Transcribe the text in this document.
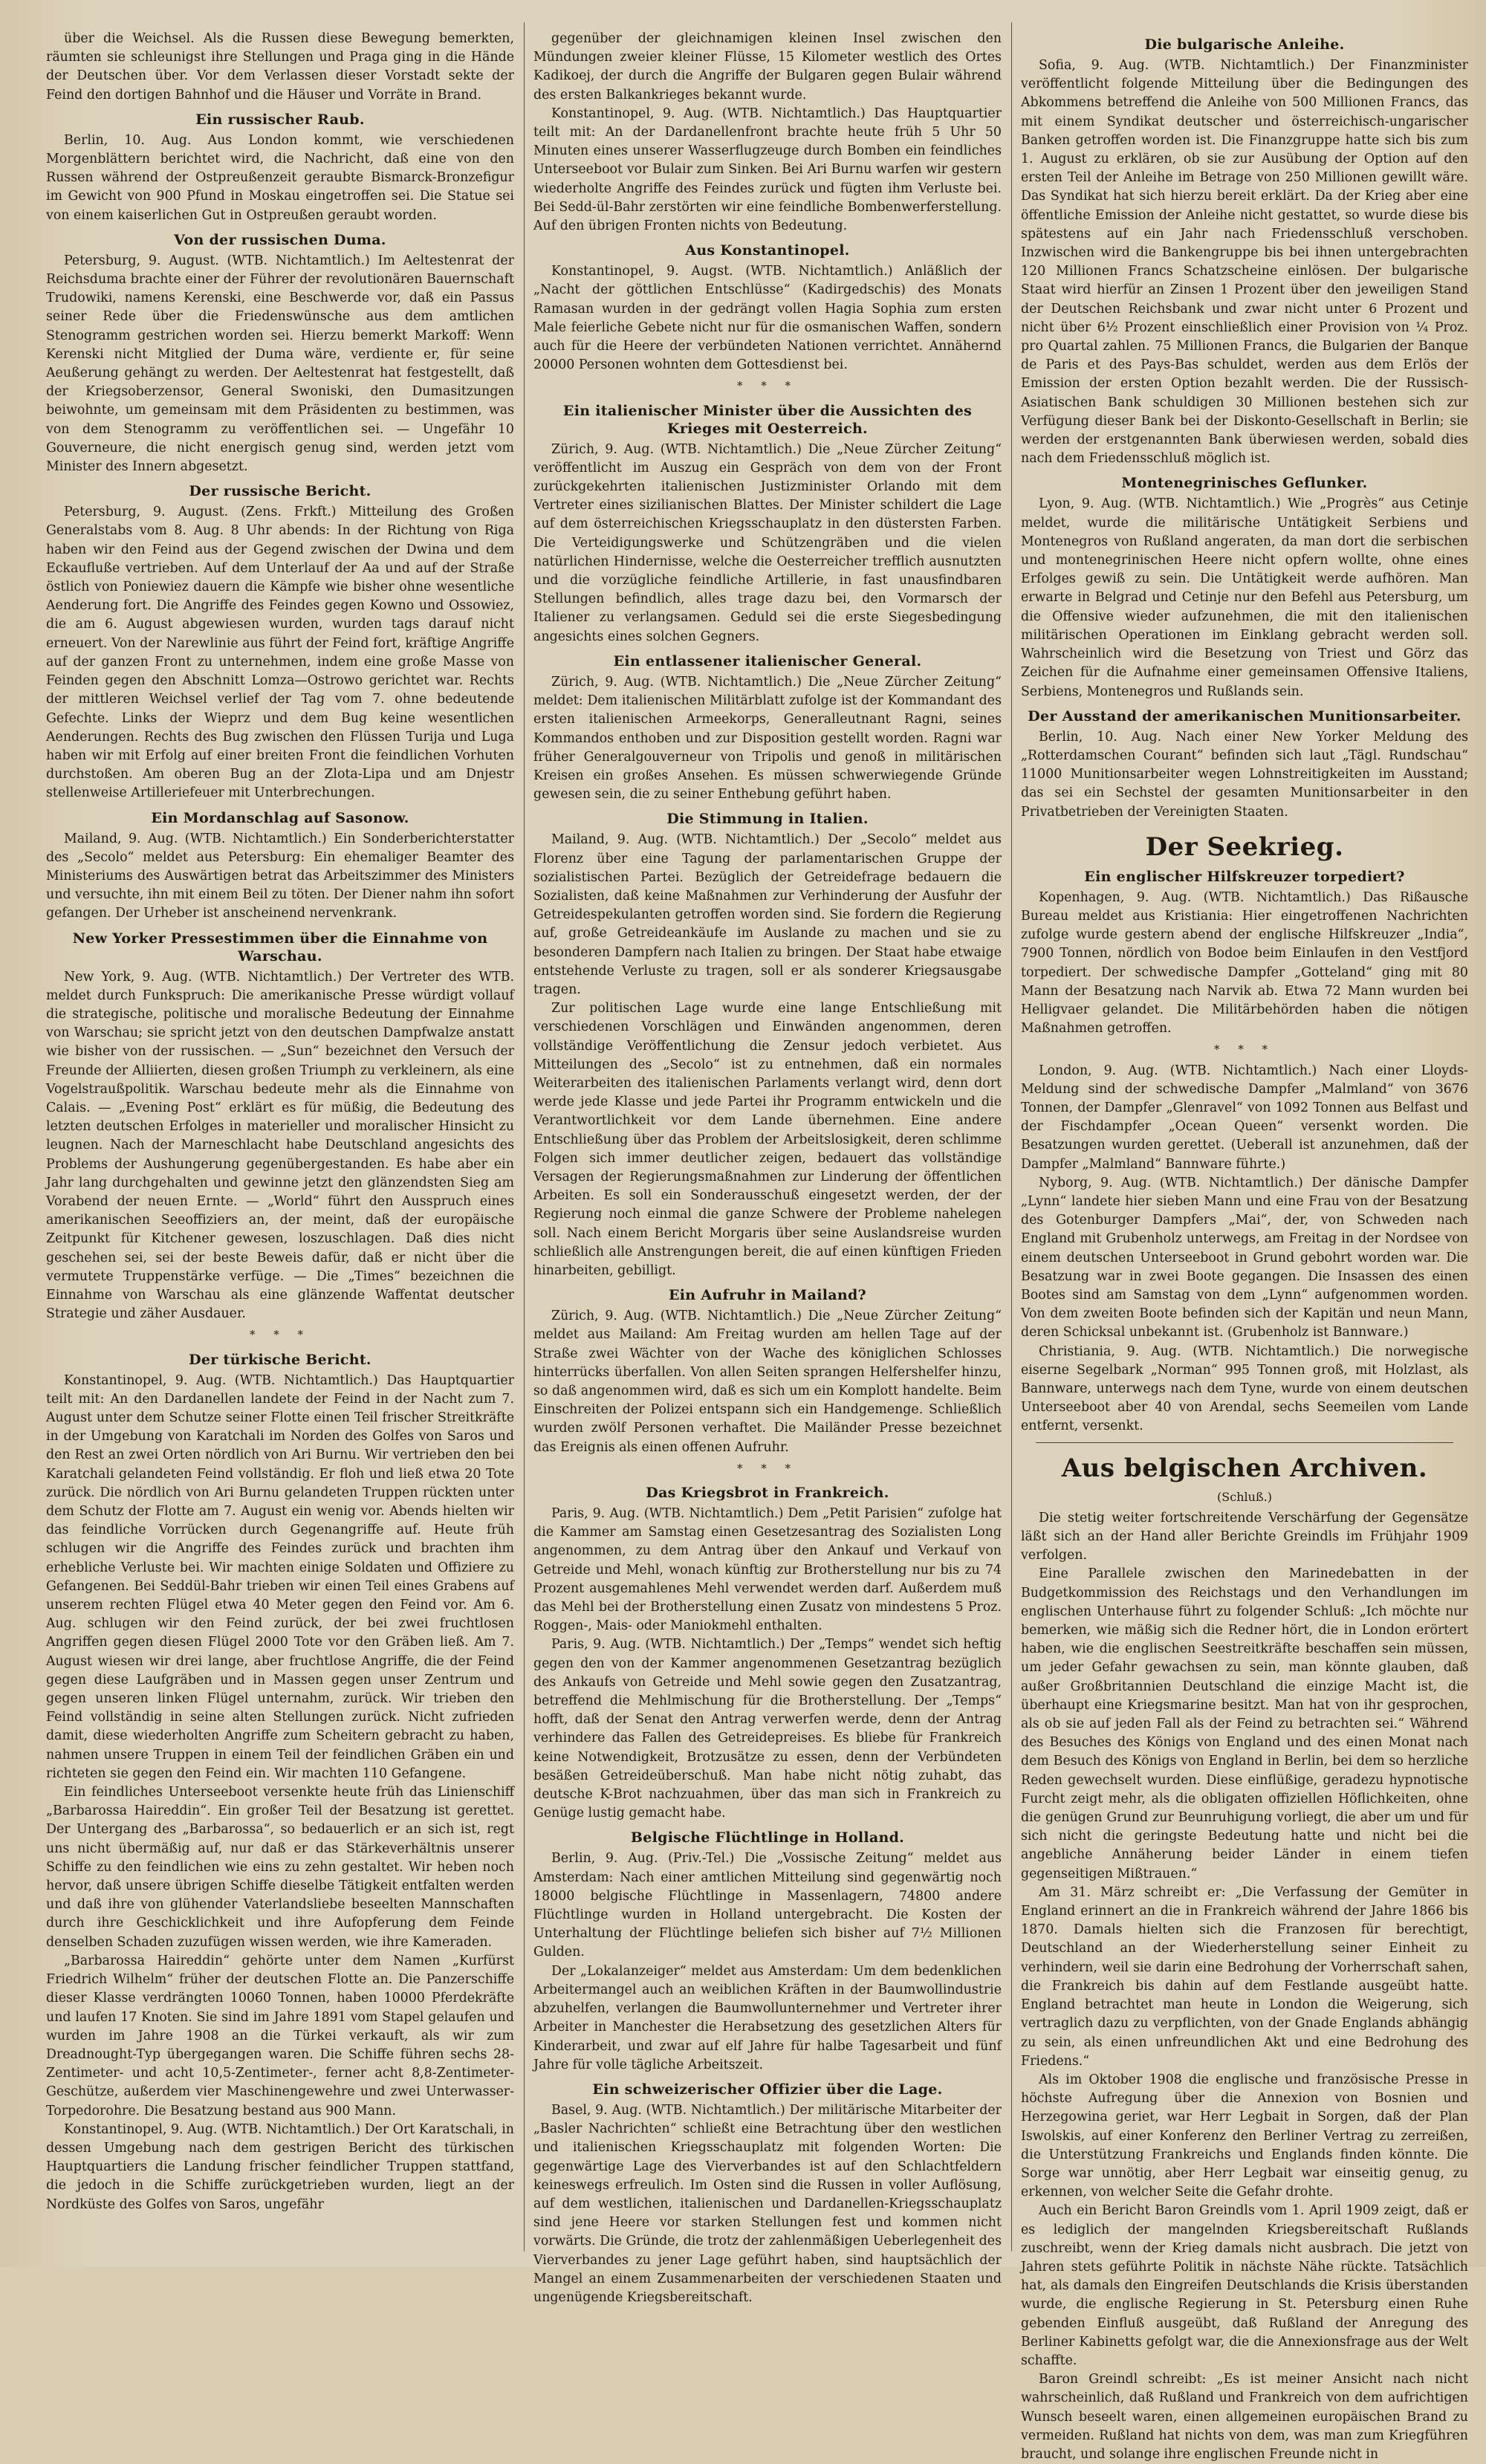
über die Weichsel. Als die Russen diese Bewegung bemerkten, räumten sie schleunigst ihre Stellungen und Praga ging in die Hände der Deutschen über. Vor dem Verlassen dieser Vorstadt sekte der Feind den dortigen Bahnhof und die Häuser und Vorräte in Brand.

Ein russischer Raub.

Berlin, 10. Aug. Aus London kommt, wie verschiedenen Morgenblättern berichtet wird, die Nachricht, daß eine von den Russen während der Ostpreußenzeit geraubte Bismarck-Bronzefigur im Gewicht von 900 Pfund in Moskau eingetroffen sei. Die Statue sei von einem kaiserlichen Gut in Ostpreußen geraubt worden.

Von der russischen Duma.

Petersburg, 9. August. (WTB. Nichtamtlich.) Im Aeltestenrat der Reichsduma brachte einer der Führer der revolutionären Bauernschaft Trudowiki, namens Kerenski, eine Beschwerde vor, daß ein Passus seiner Rede über die Friedenswünsche aus dem amtlichen Stenogramm gestrichen worden sei. Hierzu bemerkt Markoff: Wenn Kerenski nicht Mitglied der Duma wäre, verdiente er, für seine Aeußerung gehängt zu werden. Der Aeltestenrat hat festgestellt, daß der Kriegsoberzensor, General Swoniski, den Dumasitzungen beiwohnte, um gemeinsam mit dem Präsidenten zu bestimmen, was von dem Stenogramm zu veröffentlichen sei. — Ungefähr 10 Gouverneure, die nicht energisch genug sind, werden jetzt vom Minister des Innern abgesetzt.

Der russische Bericht.

Petersburg, 9. August. (Zens. Frkft.) Mitteilung des Großen Generalstabs vom 8. Aug. 8 Uhr abends: In der Richtung von Riga haben wir den Feind aus der Gegend zwischen der Dwina und dem Eckaufluße vertrieben. Auf dem Unterlauf der Aa und auf der Straße östlich von Poniewiez dauern die Kämpfe wie bisher ohne wesentliche Aenderung fort. Die Angriffe des Feindes gegen Kowno und Ossowiez, die am 6. August abgewiesen wurden, wurden tags darauf nicht erneuert. Von der Narewlinie aus führt der Feind fort, kräftige Angriffe auf der ganzen Front zu unternehmen, indem eine große Masse von Feinden gegen den Abschnitt Lomza—Ostrowo gerichtet war. Rechts der mittleren Weichsel verlief der Tag vom 7. ohne bedeutende Gefechte. Links der Wieprz und dem Bug keine wesentlichen Aenderungen. Rechts des Bug zwischen den Flüssen Turija und Luga haben wir mit Erfolg auf einer breiten Front die feindlichen Vorhuten durchstoßen. Am oberen Bug an der Zlota-Lipa und am Dnjestr stellenweise Artilleriefeuer mit Unterbrechungen.

Ein Mordanschlag auf Sasonow.

Mailand, 9. Aug. (WTB. Nichtamtlich.) Ein Sonderberichterstatter des „Secolo“ meldet aus Petersburg: Ein ehemaliger Beamter des Ministeriums des Auswärtigen betrat das Arbeitszimmer des Ministers und versuchte, ihn mit einem Beil zu töten. Der Diener nahm ihn sofort gefangen. Der Urheber ist anscheinend nervenkrank.

New Yorker Pressestimmen über die Einnahme von Warschau.

New York, 9. Aug. (WTB. Nichtamtlich.) Der Vertreter des WTB. meldet durch Funkspruch: Die amerikanische Presse würdigt vollauf die strategische, politische und moralische Bedeutung der Einnahme von Warschau; sie spricht jetzt von den deutschen Dampfwalze anstatt wie bisher von der russischen. — „Sun“ bezeichnet den Versuch der Freunde der Alliierten, diesen großen Triumph zu verkleinern, als eine Vogelstraußpolitik. Warschau bedeute mehr als die Einnahme von Calais. — „Evening Post“ erklärt es für müßig, die Bedeutung des letzten deutschen Erfolges in materieller und moralischer Hinsicht zu leugnen. Nach der Marneschlacht habe Deutschland angesichts des Problems der Aushungerung gegenübergestanden. Es habe aber ein Jahr lang durchgehalten und gewinne jetzt den glänzendsten Sieg am Vorabend der neuen Ernte. — „World“ führt den Ausspruch eines amerikanischen Seeoffiziers an, der meint, daß der europäische Zeitpunkt für Kitchener gewesen, loszuschlagen. Daß dies nicht geschehen sei, sei der beste Beweis dafür, daß er nicht über die vermutete Truppenstärke verfüge. — Die „Times“ bezeichnen die Einnahme von Warschau als eine glänzende Waffentat deutscher Strategie und zäher Ausdauer.

* * *
Der türkische Bericht.

Konstantinopel, 9. Aug. (WTB. Nichtamtlich.) Das Hauptquartier teilt mit: An den Dardanellen landete der Feind in der Nacht zum 7. August unter dem Schutze seiner Flotte einen Teil frischer Streitkräfte in der Umgebung von Karatchali im Norden des Golfes von Saros und den Rest an zwei Orten nördlich von Ari Burnu. Wir vertrieben den bei Karatchali gelandeten Feind vollständig. Er floh und ließ etwa 20 Tote zurück. Die nördlich von Ari Burnu gelandeten Truppen rückten unter dem Schutz der Flotte am 7. August ein wenig vor. Abends hielten wir das feindliche Vorrücken durch Gegenangriffe auf. Heute früh schlugen wir die Angriffe des Feindes zurück und brachten ihm erhebliche Verluste bei. Wir machten einige Soldaten und Offiziere zu Gefangenen. Bei Seddül-Bahr trieben wir einen Teil eines Grabens auf unserem rechten Flügel etwa 40 Meter gegen den Feind vor. Am 6. Aug. schlugen wir den Feind zurück, der bei zwei fruchtlosen Angriffen gegen diesen Flügel 2000 Tote vor den Gräben ließ. Am 7. August wiesen wir drei lange, aber fruchtlose Angriffe, die der Feind gegen diese Laufgräben und in Massen gegen unser Zentrum und gegen unseren linken Flügel unternahm, zurück. Wir trieben den Feind vollständig in seine alten Stellungen zurück. Nicht zufrieden damit, diese wiederholten Angriffe zum Scheitern gebracht zu haben, nahmen unsere Truppen in einem Teil der feindlichen Gräben ein und richteten sie gegen den Feind ein. Wir machten 110 Gefangene.

Ein feindliches Unterseeboot versenkte heute früh das Linienschiff „Barbarossa Haireddin“. Ein großer Teil der Besatzung ist gerettet. Der Untergang des „Barbarossa“, so bedauerlich er an sich ist, regt uns nicht übermäßig auf, nur daß er das Stärkeverhältnis unserer Schiffe zu den feindlichen wie eins zu zehn gestaltet. Wir heben noch hervor, daß unsere übrigen Schiffe dieselbe Tätigkeit entfalten werden und daß ihre von glühender Vaterlandsliebe beseelten Mannschaften durch ihre Geschicklichkeit und ihre Aufopferung dem Feinde denselben Schaden zuzufügen wissen werden, wie ihre Kameraden.

„Barbarossa Haireddin“ gehörte unter dem Namen „Kurfürst Friedrich Wilhelm“ früher der deutschen Flotte an. Die Panzerschiffe dieser Klasse verdrängten 10060 Tonnen, haben 10000 Pferdekräfte und laufen 17 Knoten. Sie sind im Jahre 1891 vom Stapel gelaufen und wurden im Jahre 1908 an die Türkei verkauft, als wir zum Dreadnought-Typ übergegangen waren. Die Schiffe führen sechs 28-Zentimeter- und acht 10,5-Zentimeter-, ferner acht 8,8-Zentimeter-Geschütze, außerdem vier Maschinengewehre und zwei Unterwasser-Torpedorohre. Die Besatzung bestand aus 900 Mann.

Konstantinopel, 9. Aug. (WTB. Nichtamtlich.) Der Ort Karatschali, in dessen Umgebung nach dem gestrigen Bericht des türkischen Hauptquartiers die Landung frischer feindlicher Truppen stattfand, die jedoch in die Schiffe zurückgetrieben wurden, liegt an der Nordküste des Golfes von Saros, ungefähr

gegenüber der gleichnamigen kleinen Insel zwischen den Mündungen zweier kleiner Flüsse, 15 Kilometer westlich des Ortes Kadikoej, der durch die Angriffe der Bulgaren gegen Bulair während des ersten Balkankrieges bekannt wurde.

Konstantinopel, 9. Aug. (WTB. Nichtamtlich.) Das Hauptquartier teilt mit: An der Dardanellenfront brachte heute früh 5 Uhr 50 Minuten eines unserer Wasserflugzeuge durch Bomben ein feindliches Unterseeboot vor Bulair zum Sinken. Bei Ari Burnu warfen wir gestern wiederholte Angriffe des Feindes zurück und fügten ihm Verluste bei. Bei Sedd-ül-Bahr zerstörten wir eine feindliche Bombenwerferstellung. Auf den übrigen Fronten nichts von Bedeutung.

Aus Konstantinopel.

Konstantinopel, 9. Augst. (WTB. Nichtamtlich.) Anläßlich der „Nacht der göttlichen Entschlüsse“ (Kadirgedschis) des Monats Ramasan wurden in der gedrängt vollen Hagia Sophia zum ersten Male feierliche Gebete nicht nur für die osmanischen Waffen, sondern auch für die Heere der verbündeten Nationen verrichtet. Annähernd 20000 Personen wohnten dem Gottesdienst bei.

* * *
Ein italienischer Minister über die Aussichten des Krieges mit Oesterreich.

Zürich, 9. Aug. (WTB. Nichtamtlich.) Die „Neue Zürcher Zeitung“ veröffentlicht im Auszug ein Gespräch von dem von der Front zurückgekehrten italienischen Justizminister Orlando mit dem Vertreter eines sizilianischen Blattes. Der Minister schildert die Lage auf dem österreichischen Kriegsschauplatz in den düstersten Farben. Die Verteidigungswerke und Schützengräben und die vielen natürlichen Hindernisse, welche die Oesterreicher trefflich ausnutzten und die vorzügliche feindliche Artillerie, in fast unausfindbaren Stellungen befindlich, alles trage dazu bei, den Vormarsch der Italiener zu verlangsamen. Geduld sei die erste Siegesbedingung angesichts eines solchen Gegners.

Ein entlassener italienischer General.

Zürich, 9. Aug. (WTB. Nichtamtlich.) Die „Neue Zürcher Zeitung“ meldet: Dem italienischen Militärblatt zufolge ist der Kommandant des ersten italienischen Armeekorps, Generalleutnant Ragni, seines Kommandos enthoben und zur Disposition gestellt worden. Ragni war früher Generalgouverneur von Tripolis und genoß in militärischen Kreisen ein großes Ansehen. Es müssen schwerwiegende Gründe gewesen sein, die zu seiner Enthebung geführt haben.

Die Stimmung in Italien.

Mailand, 9. Aug. (WTB. Nichtamtlich.) Der „Secolo“ meldet aus Florenz über eine Tagung der parlamentarischen Gruppe der sozialistischen Partei. Bezüglich der Getreidefrage bedauern die Sozialisten, daß keine Maßnahmen zur Verhinderung der Ausfuhr der Getreidespekulanten getroffen worden sind. Sie fordern die Regierung auf, große Getreideankäufe im Auslande zu machen und sie zu besonderen Dampfern nach Italien zu bringen. Der Staat habe etwaige entstehende Verluste zu tragen, soll er als sonderer Kriegsausgabe tragen.

Zur politischen Lage wurde eine lange Entschließung mit verschiedenen Vorschlägen und Einwänden angenommen, deren vollständige Veröffentlichung die Zensur jedoch verbietet. Aus Mitteilungen des „Secolo“ ist zu entnehmen, daß ein normales Weiterarbeiten des italienischen Parlaments verlangt wird, denn dort werde jede Klasse und jede Partei ihr Programm entwickeln und die Verantwortlichkeit vor dem Lande übernehmen. Eine andere Entschließung über das Problem der Arbeitslosigkeit, deren schlimme Folgen sich immer deutlicher zeigen, bedauert das vollständige Versagen der Regierungsmaßnahmen zur Linderung der öffentlichen Arbeiten. Es soll ein Sonderausschuß eingesetzt werden, der der Regierung noch einmal die ganze Schwere der Probleme nahelegen soll. Nach einem Bericht Morgaris über seine Auslandsreise wurden schließlich alle Anstrengungen bereit, die auf einen künftigen Frieden hinarbeiten, gebilligt.

Ein Aufruhr in Mailand?

Zürich, 9. Aug. (WTB. Nichtamtlich.) Die „Neue Zürcher Zeitung“ meldet aus Mailand: Am Freitag wurden am hellen Tage auf der Straße zwei Wächter von der Wache des königlichen Schlosses hinterrücks überfallen. Von allen Seiten sprangen Helfershelfer hinzu, so daß angenommen wird, daß es sich um ein Komplott handelte. Beim Einschreiten der Polizei entspann sich ein Handgemenge. Schließlich wurden zwölf Personen verhaftet. Die Mailänder Presse bezeichnet das Ereignis als einen offenen Aufruhr.

* * *
Das Kriegsbrot in Frankreich.

Paris, 9. Aug. (WTB. Nichtamtlich.) Dem „Petit Parisien“ zufolge hat die Kammer am Samstag einen Gesetzesantrag des Sozialisten Long angenommen, zu dem Antrag über den Ankauf und Verkauf von Getreide und Mehl, wonach künftig zur Brotherstellung nur bis zu 74 Prozent ausgemahlenes Mehl verwendet werden darf. Außerdem muß das Mehl bei der Brotherstellung einen Zusatz von mindestens 5 Proz. Roggen-, Mais- oder Maniokmehl enthalten.

Paris, 9. Aug. (WTB. Nichtamtlich.) Der „Temps“ wendet sich heftig gegen den von der Kammer angenommenen Gesetzantrag bezüglich des Ankaufs von Getreide und Mehl sowie gegen den Zusatzantrag, betreffend die Mehlmischung für die Brotherstellung. Der „Temps“ hofft, daß der Senat den Antrag verwerfen werde, denn der Antrag verhindere das Fallen des Getreidepreises. Es bliebe für Frankreich keine Notwendigkeit, Brotzusätze zu essen, denn der Verbündeten besäßen Getreideüberschuß. Man habe nicht nötig zuhabt, das deutsche K-Brot nachzuahmen, über das man sich in Frankreich zu Genüge lustig gemacht habe.

Belgische Flüchtlinge in Holland.

Berlin, 9. Aug. (Priv.-Tel.) Die „Vossische Zeitung“ meldet aus Amsterdam: Nach einer amtlichen Mitteilung sind gegenwärtig noch 18000 belgische Flüchtlinge in Massenlagern, 74800 andere Flüchtlinge wurden in Holland untergebracht. Die Kosten der Unterhaltung der Flüchtlinge beliefen sich bisher auf 7½ Millionen Gulden.

Der „Lokalanzeiger“ meldet aus Amsterdam: Um dem bedenklichen Arbeitermangel auch an weiblichen Kräften in der Baumwollindustrie abzuhelfen, verlangen die Baumwollunternehmer und Vertreter ihrer Arbeiter in Manchester die Herabsetzung des gesetzlichen Alters für Kinderarbeit, und zwar auf elf Jahre für halbe Tagesarbeit und fünf Jahre für volle tägliche Arbeitszeit.

Ein schweizerischer Offizier über die Lage.

Basel, 9. Aug. (WTB. Nichtamtlich.) Der militärische Mitarbeiter der „Basler Nachrichten“ schließt eine Betrachtung über den westlichen und italienischen Kriegsschauplatz mit folgenden Worten: Die gegenwärtige Lage des Vierverbandes ist auf den Schlachtfeldern keineswegs erfreulich. Im Osten sind die Russen in voller Auflösung, auf dem westlichen, italienischen und Dardanellen-Kriegsschauplatz sind jene Heere vor starken Stellungen fest und kommen nicht vorwärts. Die Gründe, die trotz der zahlenmäßigen Ueberlegenheit des Vierverbandes zu jener Lage geführt haben, sind hauptsächlich der Mangel an einem Zusammenarbeiten der verschiedenen Staaten und ungenügende Kriegsbereitschaft.

Die bulgarische Anleihe.

Sofia, 9. Aug. (WTB. Nichtamtlich.) Der Finanzminister veröffentlicht folgende Mitteilung über die Bedingungen des Abkommens betreffend die Anleihe von 500 Millionen Francs, das mit einem Syndikat deutscher und österreichisch-ungarischer Banken getroffen worden ist. Die Finanzgruppe hatte sich bis zum 1. August zu erklären, ob sie zur Ausübung der Option auf den ersten Teil der Anleihe im Betrage von 250 Millionen gewillt wäre. Das Syndikat hat sich hierzu bereit erklärt. Da der Krieg aber eine öffentliche Emission der Anleihe nicht gestattet, so wurde diese bis spätestens auf ein Jahr nach Friedensschluß verschoben. Inzwischen wird die Bankengruppe bis bei ihnen untergebrachten 120 Millionen Francs Schatzscheine einlösen. Der bulgarische Staat wird hierfür an Zinsen 1 Prozent über den jeweiligen Stand der Deutschen Reichsbank und zwar nicht unter 6 Prozent und nicht über 6½ Prozent einschließlich einer Provision von ¼ Proz. pro Quartal zahlen. 75 Millionen Francs, die Bulgarien der Banque de Paris et des Pays-Bas schuldet, werden aus dem Erlös der Emission der ersten Option bezahlt werden. Die der Russisch-Asiatischen Bank schuldigen 30 Millionen bestehen sich zur Verfügung dieser Bank bei der Diskonto-Gesellschaft in Berlin; sie werden der erstgenannten Bank überwiesen werden, sobald dies nach dem Friedensschluß möglich ist.

Montenegrinisches Geflunker.

Lyon, 9. Aug. (WTB. Nichtamtlich.) Wie „Progrès“ aus Cetinje meldet, wurde die militärische Untätigkeit Serbiens und Montenegros von Rußland angeraten, da man dort die serbischen und montenegrinischen Heere nicht opfern wollte, ohne eines Erfolges gewiß zu sein. Die Untätigkeit werde aufhören. Man erwarte in Belgrad und Cetinje nur den Befehl aus Petersburg, um die Offensive wieder aufzunehmen, die mit den italienischen militärischen Operationen im Einklang gebracht werden soll. Wahrscheinlich wird die Besetzung von Triest und Görz das Zeichen für die Aufnahme einer gemeinsamen Offensive Italiens, Serbiens, Montenegros und Rußlands sein.

Der Ausstand der amerikanischen Munitionsarbeiter.

Berlin, 10. Aug. Nach einer New Yorker Meldung des „Rotterdamschen Courant“ befinden sich laut „Tägl. Rundschau“ 11000 Munitionsarbeiter wegen Lohnstreitigkeiten im Ausstand; das sei ein Sechstel der gesamten Munitionsarbeiter in den Privatbetrieben der Vereinigten Staaten.

Der Seekrieg.
Ein englischer Hilfskreuzer torpediert?

Kopenhagen, 9. Aug. (WTB. Nichtamtlich.) Das Rißausche Bureau meldet aus Kristiania: Hier eingetroffenen Nachrichten zufolge wurde gestern abend der englische Hilfskreuzer „India“, 7900 Tonnen, nördlich von Bodoe beim Einlaufen in den Vestfjord torpediert. Der schwedische Dampfer „Gotteland“ ging mit 80 Mann der Besatzung nach Narvik ab. Etwa 72 Mann wurden bei Helligvaer gelandet. Die Militärbehörden haben die nötigen Maßnahmen getroffen.

* * *

London, 9. Aug. (WTB. Nichtamtlich.) Nach einer Lloyds-Meldung sind der schwedische Dampfer „Malmland“ von 3676 Tonnen, der Dampfer „Glenravel“ von 1092 Tonnen aus Belfast und der Fischdampfer „Ocean Queen“ versenkt worden. Die Besatzungen wurden gerettet. (Ueberall ist anzunehmen, daß der Dampfer „Malmland“ Bannware führte.)

Nyborg, 9. Aug. (WTB. Nichtamtlich.) Der dänische Dampfer „Lynn“ landete hier sieben Mann und eine Frau von der Besatzung des Gotenburger Dampfers „Mai“, der, von Schweden nach England mit Grubenholz unterwegs, am Freitag in der Nordsee von einem deutschen Unterseeboot in Grund gebohrt worden war. Die Besatzung war in zwei Boote gegangen. Die Insassen des einen Bootes sind am Samstag von dem „Lynn“ aufgenommen worden. Von dem zweiten Boote befinden sich der Kapitän und neun Mann, deren Schicksal unbekannt ist. (Grubenholz ist Bannware.)

Christiania, 9. Aug. (WTB. Nichtamtlich.) Die norwegische eiserne Segelbark „Norman“ 995 Tonnen groß, mit Holzlast, als Bannware, unterwegs nach dem Tyne, wurde von einem deutschen Unterseeboot aber 40 von Arendal, sechs Seemeilen vom Lande entfernt, versenkt.

Aus belgischen Archiven.

(Schluß.)

Die stetig weiter fortschreitende Verschärfung der Gegensätze läßt sich an der Hand aller Berichte Greindls im Frühjahr 1909 verfolgen.

Eine Parallele zwischen den Marinedebatten in der Budgetkommission des Reichstags und den Verhandlungen im englischen Unterhause führt zu folgender Schluß: „Ich möchte nur bemerken, wie mäßig sich die Redner hört, die in London erörtert haben, wie die englischen Seestreitkräfte beschaffen sein müssen, um jeder Gefahr gewachsen zu sein, man könnte glauben, daß außer Großbritannien Deutschland die einzige Macht ist, die überhaupt eine Kriegsmarine besitzt. Man hat von ihr gesprochen, als ob sie auf jeden Fall als der Feind zu betrachten sei.“ Während des Besuches des Königs von England und des einen Monat nach dem Besuch des Königs von England in Berlin, bei dem so herzliche Reden gewechselt wurden. Diese einflüßige, geradezu hypnotische Furcht zeigt mehr, als die obligaten offiziellen Höflichkeiten, ohne die genügen Grund zur Beunruhigung vorliegt, die aber um und für sich nicht die geringste Bedeutung hatte und nicht bei die angebliche Annäherung beider Länder in einem tiefen gegenseitigen Mißtrauen.“

Am 31. März schreibt er: „Die Verfassung der Gemüter in England erinnert an die in Frankreich während der Jahre 1866 bis 1870. Damals hielten sich die Franzosen für berechtigt, Deutschland an der Wiederherstellung seiner Einheit zu verhindern, weil sie darin eine Bedrohung der Vorherrschaft sahen, die Frankreich bis dahin auf dem Festlande ausgeübt hatte. England betrachtet man heute in London die Weigerung, sich vertraglich dazu zu verpflichten, von der Gnade Englands abhängig zu sein, als einen unfreundlichen Akt und eine Bedrohung des Friedens.“

Als im Oktober 1908 die englische und französische Presse in höchste Aufregung über die Annexion von Bosnien und Herzegowina geriet, war Herr Legbait in Sorgen, daß der Plan Iswolskis, auf einer Konferenz den Berliner Vertrag zu zerreißen, die Unterstützung Frankreichs und Englands finden könnte. Die Sorge war unnötig, aber Herr Legbait war einseitig genug, zu erkennen, von welcher Seite die Gefahr drohte.

Auch ein Bericht Baron Greindls vom 1. April 1909 zeigt, daß er es lediglich der mangelnden Kriegsbereitschaft Rußlands zuschreibt, wenn der Krieg damals nicht ausbrach. Die jetzt von Jahren stets geführte Politik in nächste Nähe rückte. Tatsächlich hat, als damals den Eingreifen Deutschlands die Krisis überstanden wurde, die englische Regierung in St. Petersburg einen Ruhe gebenden Einfluß ausgeübt, daß Rußland der Anregung des Berliner Kabinetts gefolgt war, die die Annexionsfrage aus der Welt schaffte.

Baron Greindl schreibt: „Es ist meiner Ansicht nach nicht wahrscheinlich, daß Rußland und Frankreich von dem aufrichtigen Wunsch beseelt waren, einen allgemeinen europäischen Brand zu vermeiden. Rußland hat nichts von dem, was man zum Kriegführen braucht, und solange ihre englischen Freunde nicht in
